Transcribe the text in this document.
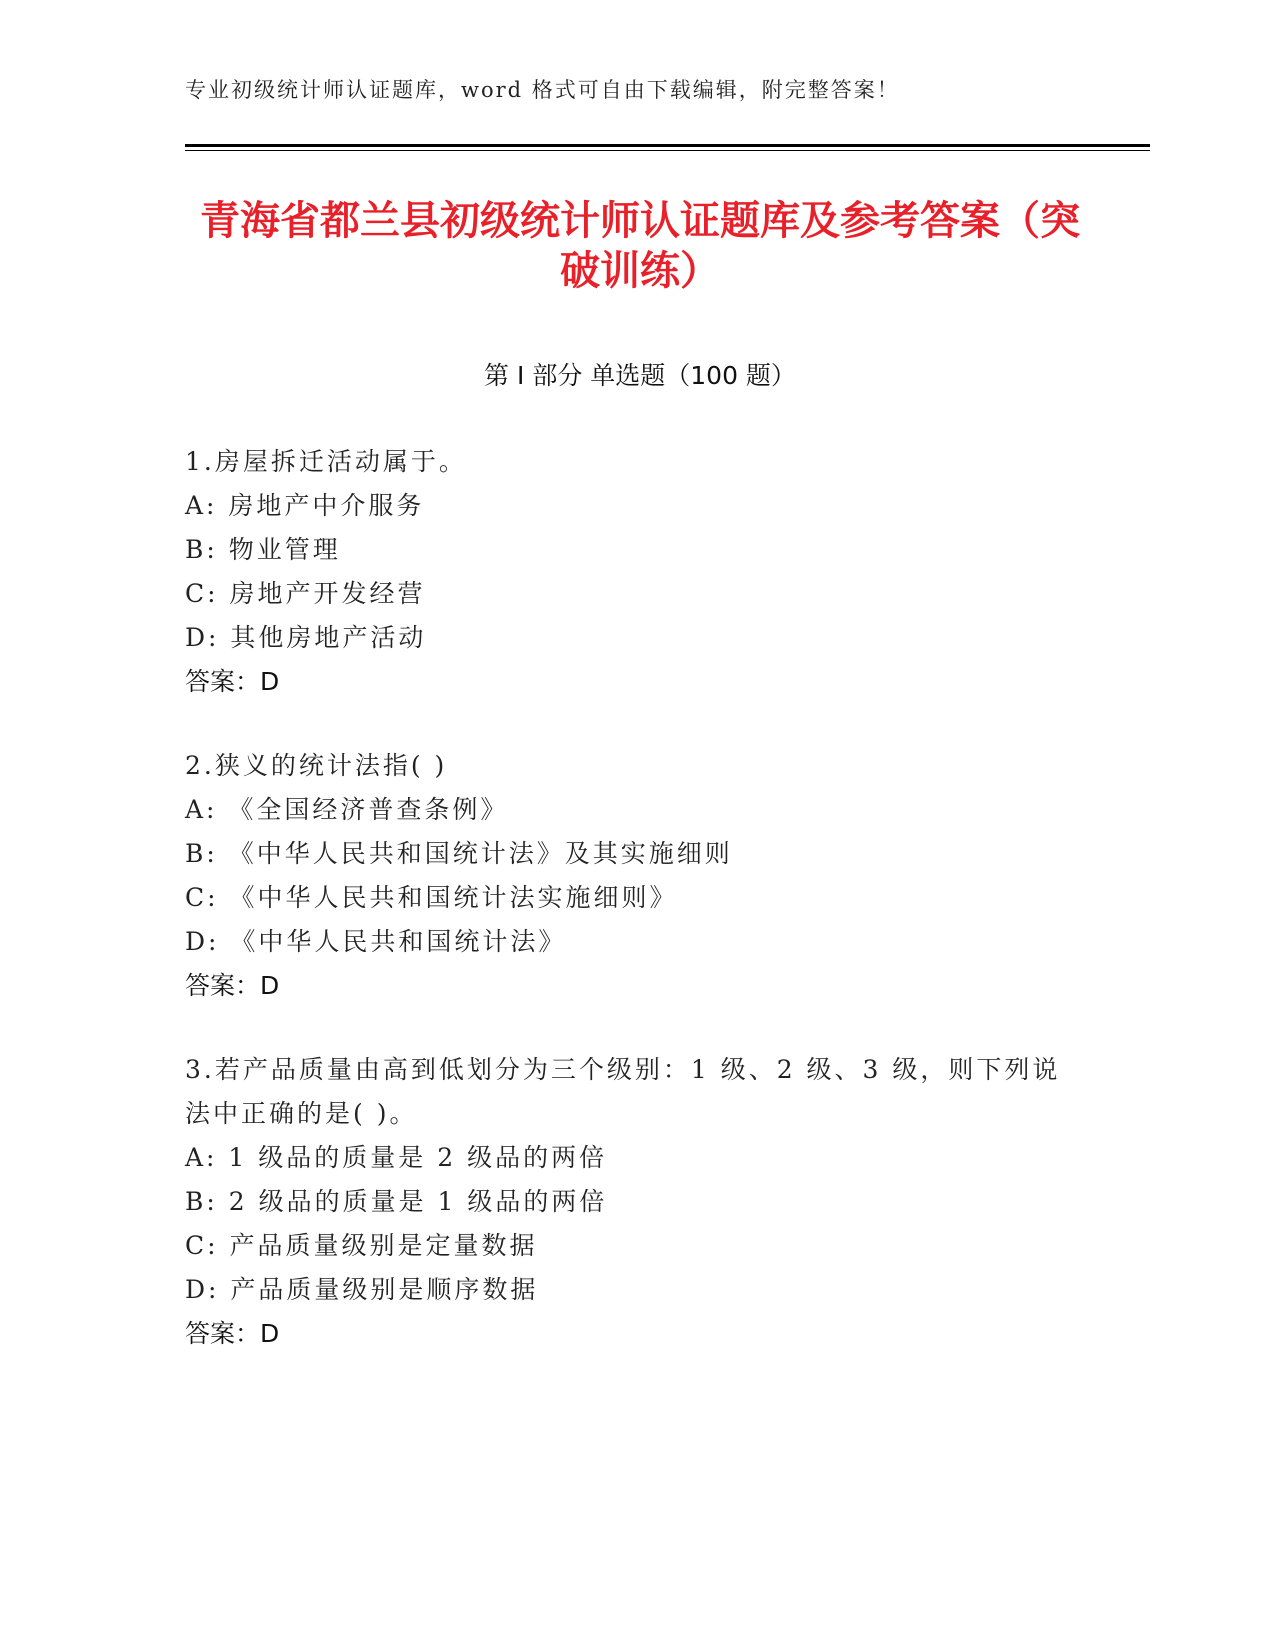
专业初级统计师认证题库，word 格式可自由下载编辑，附完整答案！
青海省都兰县初级统计师认证题库及参考答案（突破训练）
第 I 部分 单选题（100 题）
1.房屋拆迁活动属于。
A: 房地产中介服务
B: 物业管理
C: 房地产开发经营
D: 其他房地产活动
答案：D
2.狭义的统计法指( )
A: 《全国经济普查条例》
B: 《中华人民共和国统计法》及其实施细则
C: 《中华人民共和国统计法实施细则》
D: 《中华人民共和国统计法》
答案：D
3.若产品质量由高到低划分为三个级别：1 级、2 级、3 级，则下列说法中正确的是( )。
A: 1 级品的质量是 2 级品的两倍
B: 2 级品的质量是 1 级品的两倍
C: 产品质量级别是定量数据
D: 产品质量级别是顺序数据
答案：D
